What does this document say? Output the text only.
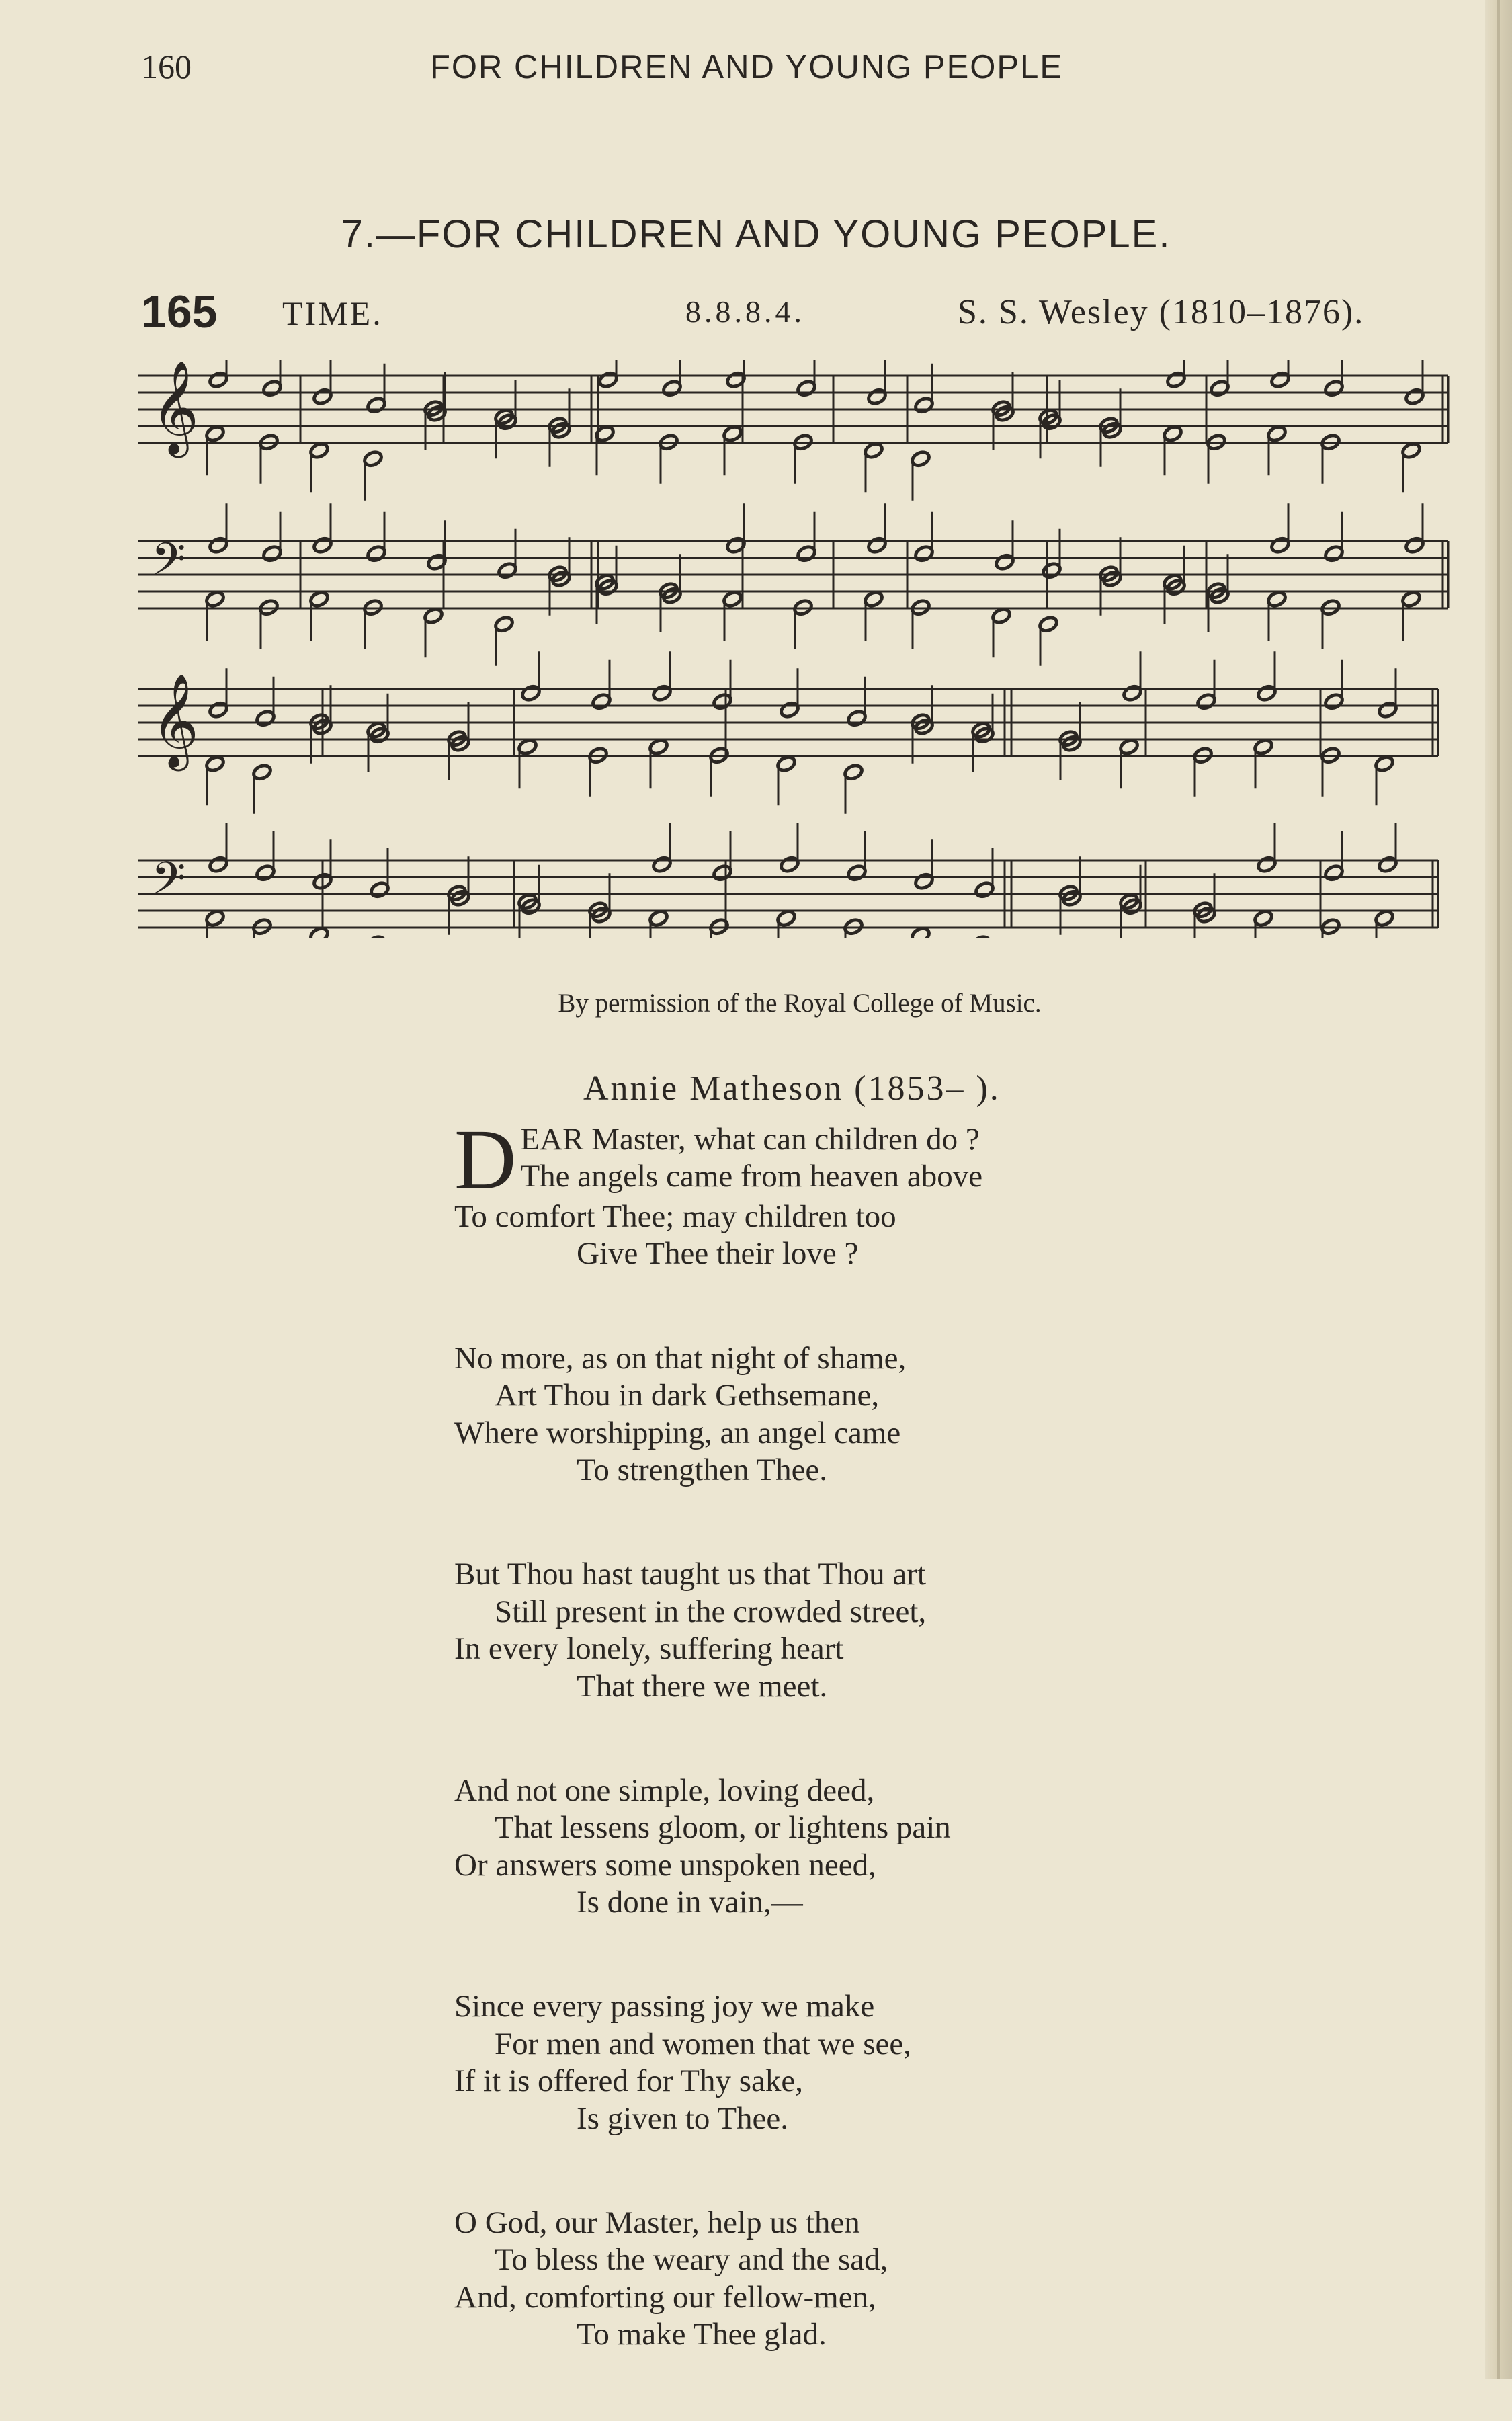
160	FOR CHILDREN AND YOUNG PEOPLE
7.—FOR CHILDREN AND YOUNG PEOPLE.
165 TIME.	8.8.8.4.	S. S. Wesley (1810–1876).
𝄞
𝄢
𝄞
𝄢
By permission of the Royal College of Music.
Annie Matheson (1853– ).
DEAR Master, what can children do ?
The angels came from heaven above
To comfort Thee; may children too
Give Thee their love ?
No more, as on that night of shame,
Art Thou in dark Gethsemane,
Where worshipping, an angel came
To strengthen Thee.
But Thou hast taught us that Thou art
Still present in the crowded street,
In every lonely, suffering heart
That there we meet.
And not one simple, loving deed,
That lessens gloom, or lightens pain
Or answers some unspoken need,
Is done in vain,—
Since every passing joy we make
For men and women that we see,
If it is offered for Thy sake,
Is given to Thee.
O God, our Master, help us then
To bless the weary and the sad,
And, comforting our fellow-men,
To make Thee glad.
